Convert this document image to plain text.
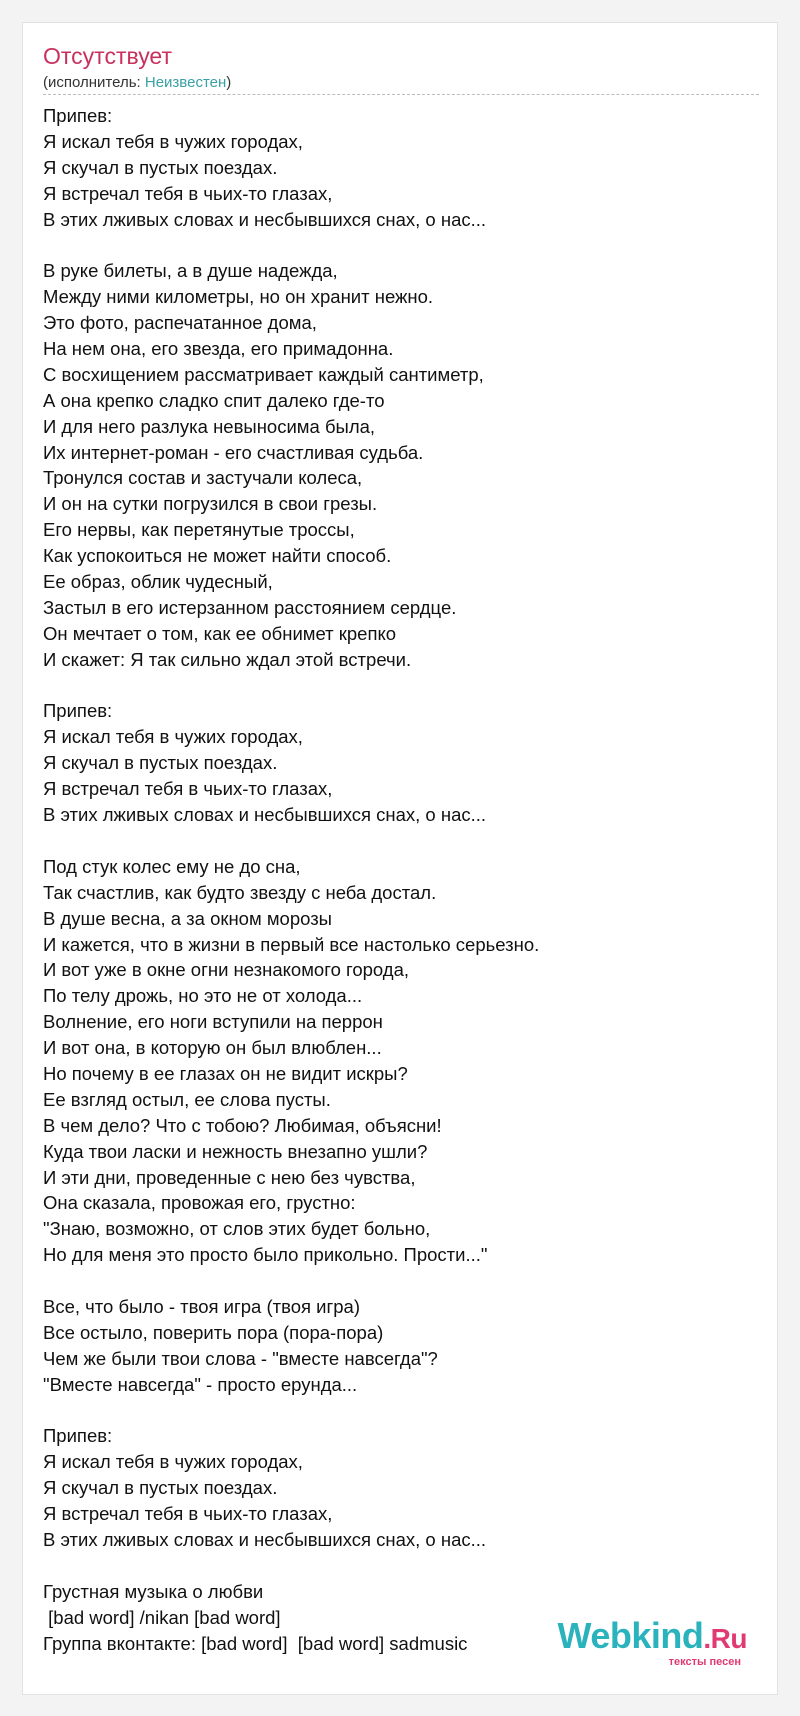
Отсутствует
(исполнитель: Неизвестен)
Припев:
Я искал тебя в чужих городах,
Я скучал в пустых поездах.
Я встречал тебя в чьих-то глазах,
В этих лживых словах и несбывшихся снах, о нас...
В руке билеты, а в душе надежда,
Между ними километры, но он хранит нежно.
Это фото, распечатанное дома,
На нем она, его звезда, его примадонна.
С восхищением рассматривает каждый сантиметр,
А она крепко сладко спит далеко где-то
И для него разлука невыносима была,
Их интернет-роман - его счастливая судьба.
Тронулся состав и застучали колеса,
И он на сутки погрузился в свои грезы.
Его нервы, как перетянутые троссы,
Как успокоиться не может найти способ.
Ее образ, облик чудесный,
Застыл в его истерзанном расстоянием сердце.
Он мечтает о том, как ее обнимет крепко
И скажет: Я так сильно ждал этой встречи.
Припев:
Я искал тебя в чужих городах,
Я скучал в пустых поездах.
Я встречал тебя в чьих-то глазах,
В этих лживых словах и несбывшихся снах, о нас...
Под стук колес ему не до сна,
Так счастлив, как будто звезду с неба достал.
В душе весна, а за окном морозы
И кажется, что в жизни в первый все настолько серьезно.
И вот уже в окне огни незнакомого города,
По телу дрожь, но это не от холода...
Волнение, его ноги вступили на перрон
И вот она, в которую он был влюблен...
Но почему в ее глазах он не видит искры?
Ее взгляд остыл, ее слова пусты.
В чем дело? Что с тобою? Любимая, объясни!
Куда твои ласки и нежность внезапно ушли?
И эти дни, проведенные с нею без чувства,
Она сказала, провожая его, грустно:
"Знаю, возможно, от слов этих будет больно,
Но для меня это просто было прикольно. Прости..."
Все, что было - твоя игра (твоя игра)
Все остыло, поверить пора (пора-пора)
Чем же были твои слова - "вместе навсегда"?
"Вместе навсегда" - просто ерунда...
Припев:
Я искал тебя в чужих городах,
Я скучал в пустых поездах.
Я встречал тебя в чьих-то глазах,
В этих лживых словах и несбывшихся снах, о нас...
Грустная музыка о любви
[bad word] /nikan [bad word]
Группа вконтакте: [bad word]  [bad word] sadmusic	Webkind.Ru
тексты песен
